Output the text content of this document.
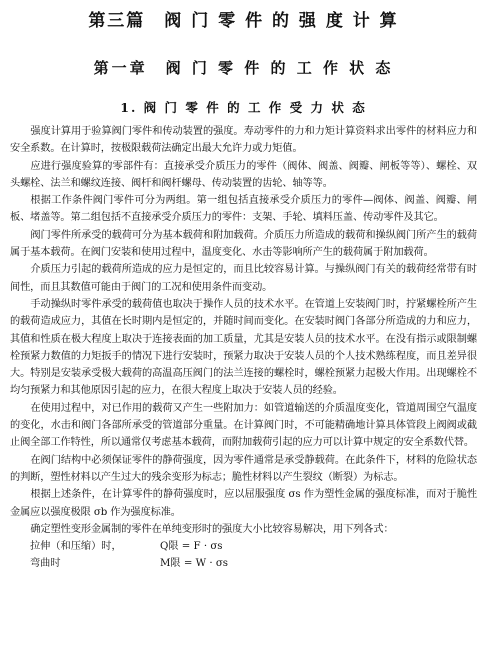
第三篇　阀 门 零 件 的 强 度 计 算
第一章　阀 门 零 件 的 工 作 状 态
1. 阀 门 零 件 的 工 作 受 力 状 态

强度计算用于验算阀门零件和传动装置的强度。寿动零件的力和力矩计算资料求出零件的材料应力和安全系数。在计算时，按极限载荷法确定出最大允许力或力矩值。

应进行强度验算的零部件有：直接承受介质压力的零件（阀体、阀盖、阀瓣、闸板等等）、螺栓、双头螺栓、法兰和螺纹连接、阀杆和阀杆螺母、传动装置的齿轮、轴等等。

根据工作条件阀门零件可分为两组。第一组包括直接承受介质压力的零件—阀体、阀盖、阀瓣、闸板、堵盖等。第二组包括不直接承受介质压力的零件：支架、手轮、填料压盖、传动零件及其它。

阀门零件所承受的载荷可分为基本载荷和附加载荷。介质压力所造成的载荷和操纵阀门所产生的载荷属于基本载荷。在阀门安装和使用过程中，温度变化、水击等影响所产生的载荷属于附加载荷。

介质压力引起的载荷所造成的应力是恒定的，而且比较容易计算。与操纵阀门有关的载荷经常带有时间性，而且其数值可能由于阀门的工况和使用条件而变动。

手动操纵时零件承受的载荷值也取决于操作人员的技术水平。在管道上安装阀门时，拧紧螺栓所产生的载荷造成应力，其值在长时期内是恒定的，并随时间而变化。在安装时阀门各部分所造成的力和应力，其值和性质在极大程度上取决于连接表面的加工质量，尤其是安装人员的技术水平。在没有指示或限制螺栓预紧力数值的力矩扳手的情况下进行安装时，预紧力取决于安装人员的个人技术熟练程度，而且差异很大。特别是安装承受极大载荷的高温高压阀门的法兰连接的螺栓时，螺栓预紧力起极大作用。出现螺栓不均匀预紧力和其他原因引起的应力，在很大程度上取决于安装人员的经验。

在使用过程中，对已作用的载荷又产生一些附加力：如管道输送的介质温度变化，管道周围空气温度的变化，水击和阀门各部所承受的管道部分重量。在计算阀门时，不可能精确地计算具体管段上阀阀或截止阀全部工作特性，所以通常仅考虑基本载荷，而附加载荷引起的应力可以计算中规定的安全系数代替。

在阀门结构中必须保证零件的静荷强度，因为零件通常是承受静载荷。在此条件下，材料的危险状态的判断，塑性材料以产生过大的残余变形为标志；脆性材料以产生裂纹（断裂）为标志。

根据上述条件，在计算零件的静荷强度时，应以屈服强度 σs 作为塑性金属的强度标准，而对于脆性金属应以强度极限 σb 作为强度标准。

确定塑性变形金属制的零件在单纯变形时的强度大小比较容易解决，用下列各式：

拉伸（和压缩）时，	Q限 = F · σs
弯曲时	M限 = W · σs
